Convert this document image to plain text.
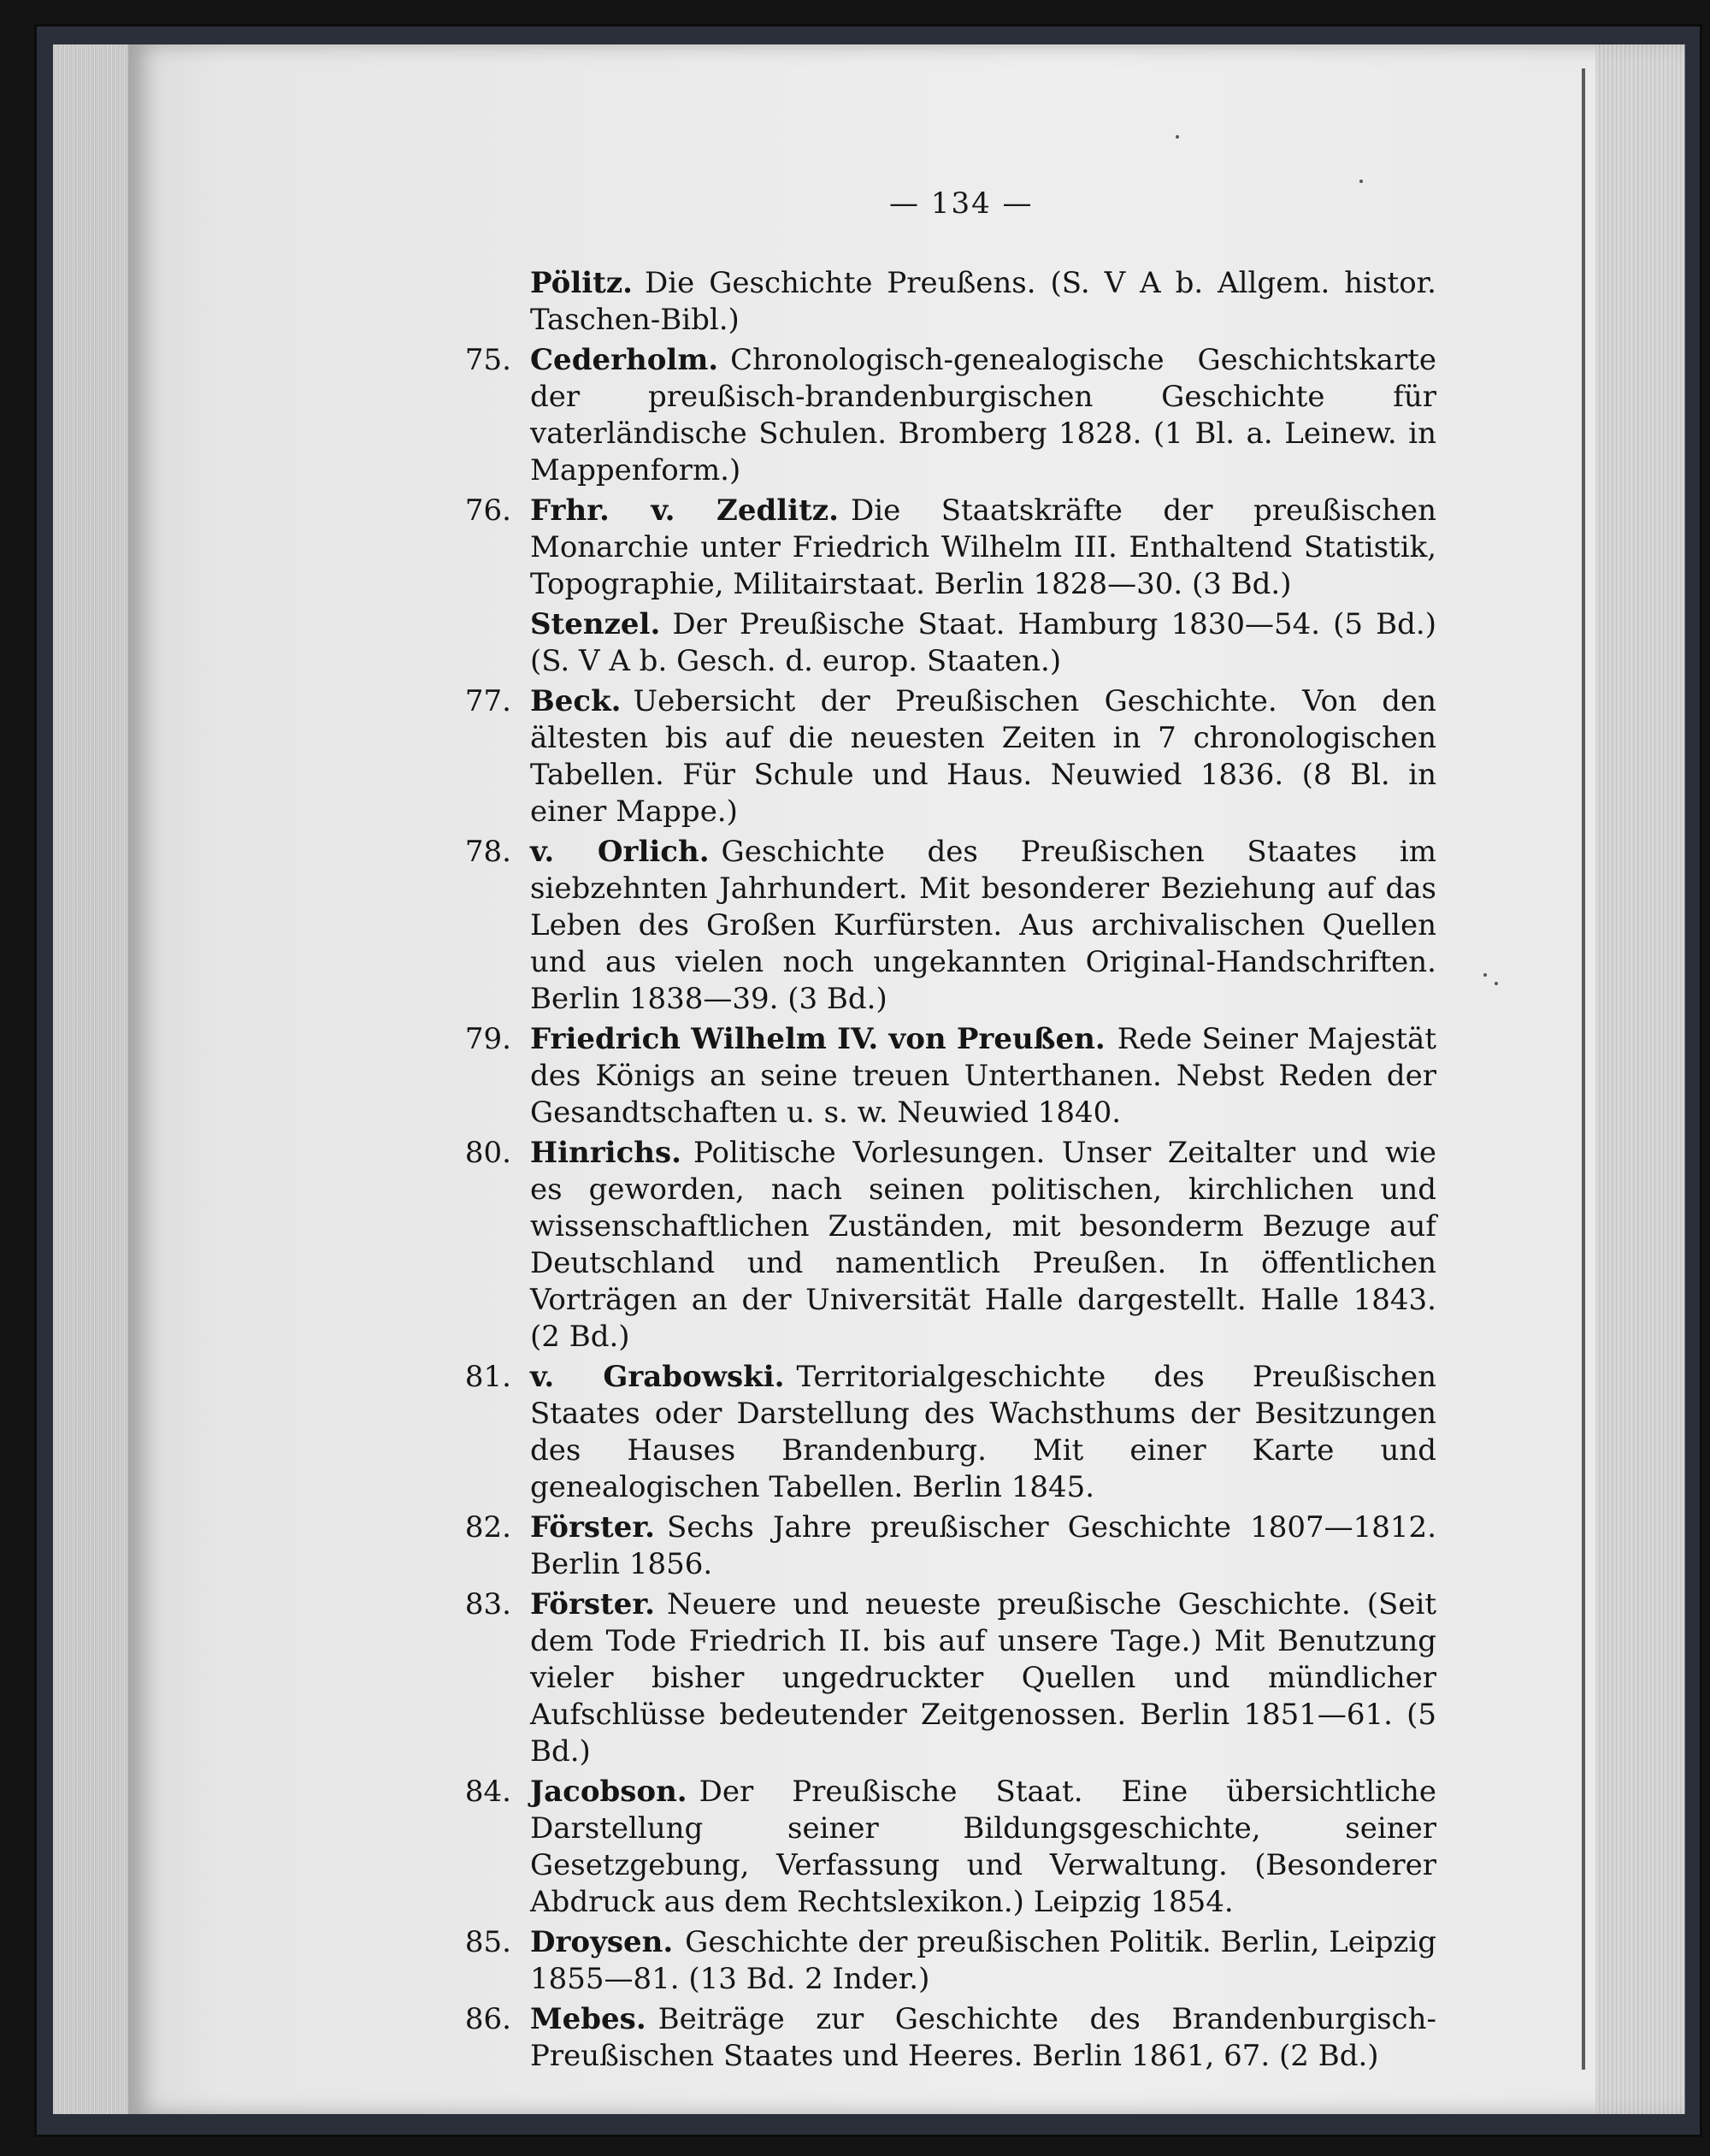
— 134 —
Pölitz. Die Geschichte Preußens. (S. V A b. Allgem. histor. Taschen-Bibl.)
75. Cederholm. Chronologisch-genealogische Geschichtskarte der preußisch-brandenburgischen Geschichte für vaterländische Schulen. Bromberg 1828. (1 Bl. a. Leinew. in Mappenform.)
76. Frhr. v. Zedlitz. Die Staatskräfte der preußischen Monarchie unter Friedrich Wilhelm III. Enthaltend Statistik, Topographie, Militairstaat. Berlin 1828—30. (3 Bd.)
Stenzel. Der Preußische Staat. Hamburg 1830—54. (5 Bd.) (S. V A b. Gesch. d. europ. Staaten.)
77. Beck. Uebersicht der Preußischen Geschichte. Von den ältesten bis auf die neuesten Zeiten in 7 chronologischen Tabellen. Für Schule und Haus. Neuwied 1836. (8 Bl. in einer Mappe.)
78. v. Orlich. Geschichte des Preußischen Staates im siebzehnten Jahrhundert. Mit besonderer Beziehung auf das Leben des Großen Kurfürsten. Aus archivalischen Quellen und aus vielen noch ungekannten Original-Handschriften. Berlin 1838—39. (3 Bd.)
79. Friedrich Wilhelm IV. von Preußen. Rede Seiner Majestät des Königs an seine treuen Unterthanen. Nebst Reden der Gesandtschaften u. s. w. Neuwied 1840.
80. Hinrichs. Politische Vorlesungen. Unser Zeitalter und wie es geworden, nach seinen politischen, kirchlichen und wissenschaftlichen Zuständen, mit besonderm Bezuge auf Deutschland und namentlich Preußen. In öffentlichen Vorträgen an der Universität Halle dargestellt. Halle 1843. (2 Bd.)
81. v. Grabowski. Territorialgeschichte des Preußischen Staates oder Darstellung des Wachsthums der Besitzungen des Hauses Brandenburg. Mit einer Karte und genealogischen Tabellen. Berlin 1845.
82. Förster. Sechs Jahre preußischer Geschichte 1807—1812. Berlin 1856.
83. Förster. Neuere und neueste preußische Geschichte. (Seit dem Tode Friedrich II. bis auf unsere Tage.) Mit Benutzung vieler bisher ungedruckter Quellen und mündlicher Aufschlüsse bedeutender Zeitgenossen. Berlin 1851—61. (5 Bd.)
84. Jacobson. Der Preußische Staat. Eine übersichtliche Darstellung seiner Bildungsgeschichte, seiner Gesetzgebung, Verfassung und Verwaltung. (Besonderer Abdruck aus dem Rechtslexikon.) Leipzig 1854.
85. Droysen. Geschichte der preußischen Politik. Berlin, Leipzig 1855—81. (13 Bd. 2 Inder.)
86. Mebes. Beiträge zur Geschichte des Brandenburgisch-Preußischen Staates und Heeres. Berlin 1861, 67. (2 Bd.)
